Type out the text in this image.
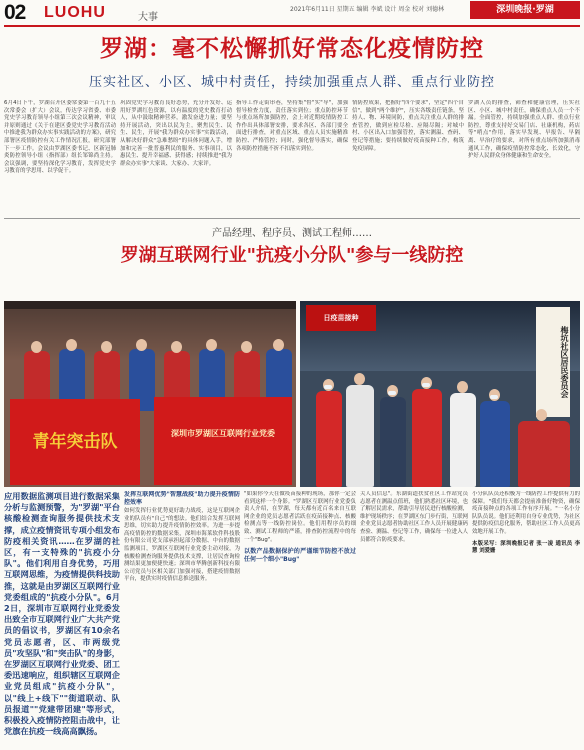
02	LUOHU	大事
2021年6月11日 星期五 编辑 李斌 设计 周金 校对 刘德林	深圳晚报·罗湖
罗湖：毫不松懈抓好常态化疫情防控
压实社区、小区、城中村责任，持续加强重点人群、重点行业防控
6月4日下午，罗湖召开区委常委第一百九十五次常委会（扩大）会议，传达学习省委、市委党史学习教育领导小组第三次会议精神，审议并原则通过《关于在建区委党史学习教育活动中推进我为群众办实事实践活动的方案》，研究部署区疫情防控有关工作情况汇报，研究部署下一步工作。会议由罗湖区委书记、区新冠肺炎防控领导小组（指挥部）组长邹锦尚主持。会议强调，要坚持深化学习教育，发挥党史学习教育的学思用、以学促干。
巩固党史学习教育良好态势，充分开发好、运用好罗湖红色资源，以有温度的党史教育打动人，从中汲取精神营养，激发奋进力量；要坚持开展活动，突出以民为主，聚焦民生、民生、民生，开展"我为群众办实事"实践活动，从解决好群众"急难愁盼"的具体问题入手，增加和完善一批普惠利民的服务、实事项目，以惠民生、提升幸福感、获得感；持续推进"我为群众办实事"大家谈、大家办、大家评。
指导工作走街串巷，坚持集"督"实"导"，加强督导检查力度，责任落实到位；重点防控环节与重点场所加强防控，会上对近期疫情防控工作作出具体部署安排，要求各区、各部门要全面进行排查，对重点区域、重点人员实施精准防控、严格管控；同时，强化督导落实，确保各项防控措施不折不扣落实到位。
情防控成果，把握好"四个要求"，坚定"四个自信"，做到"两个维护"，压实各级责任链条，坚持人、物、环境同防，重点关注重点人群的排查管控，做到应检尽检、应隔尽隔；对城中村、小区出入口加强管控，落实测温、查码、登记等措施；要持续做好疫苗接种工作，构筑免疫屏障。
罗湖人员的排查，筛查和健康管理，压实社区、小区、城中村责任，确保重点人员一个不漏。全面管控，持续加强重点人群、重点行业防控，尊重支持好交易门店、社康机构，药店等"哨点"作用，落实早发现、早报告、早隔离、早治疗的要求，对所有重点场所加强消毒通风工作，确保疫情防控常态化、长效化，守护好人民群众身体健康和生命安全。
产品经理、程序员、测试工程师……
罗湖互联网行业"抗疫小分队"参与一线防控
青年突击队	深圳市罗湖区互联网行业党委
日疫苗接种
梅坑社区居民委员会
应用数据监测项目进行数据采集分析与监测预警，为"罗湖"平台核酸检测查询服务提供技术支撑，成立疫情资讯专项小组发布防疫相关资讯……在罗湖的社区，有一支特殊的"抗疫小分队"。他们利用自身优势，巧用互联网思维，为疫情提供科技助推，这就是由罗湖区互联网行业党委组成的"抗疫小分队"。6月2日，深圳市互联网行业党委发出致全市互联网行业广大共产党员的倡议书，罗湖区有10余名党员志愿者，区、市两级党员"攻坚队"和"突击队"的身影，在罗湖区互联网行业党委、团工委迅速响应，组织辖区互联网企业党员组成"抗疫小分队"，以"线上+线下""街道联动、队员报道""党建带团建"等形式，积极投入疫情防控阻击战中，让党旗在抗疫一线高高飘扬。
发挥互联网优势"智慧战疫"助力提升疫情防控效率
如何发挥行业优势更好助力战疫，这是互联网企业的队员有"自己"的想法。他们结合发挥互联网思维，切实助力提升疫情防控效率。为进一步提高疫情防控的数据采集，深圳市海莱软件科技股份有限公司党支部承担起部分数据、中台的数据监测项目，罗湖区互联网行业党委主动对接，为核酸检测查询服务提供技术支撑，让居民查询检测结果更加便捷快速；深圳市华腾创新科技有限公司党员与区相关部门加强对接，搭建疫情数据平台，提供实时疫情信息推送服务。
"如果你今天在做疫苗接种的现场，那你一定会看到这样一个身影。"罗湖区互联网行业党委负责人介绍，在罗湖，每天都有近百名来自互联网企业的党员志愿者活跃在疫苗接种点、核酸检测点等一线防控岗位。他们用程序员的细致、测试工程师的严谨，排查防控流程中的每一个"Bug"。
以数产品数据保护的严谨细节防控不放过任何一个细小"Bug"
关人员信息"。东湖街道扶贫社区工作站党员志愿者在测温点值班，他们熟悉社区环境，也了解居民需求，帮助引导居民进行核酸检测，维护现场秩序；在罗湖区东门步行街，互联网企业党员志愿者协助社区工作人员开展健康码查验、测温、登记等工作，确保每一位进入人员都符合防疫要求。
小分队队员还积极为一线防控工作提供有力的保障。"我们每天都会提前准备好物资，确保疫苗接种点的各项工作有序开展。"一名小分队队员说。他们还利用自身专业优势，为社区提供防疫信息化服务，帮助社区工作人员更高效地开展工作。
本版采写：深圳晚报记者 张一凌 通讯员 李慧 刘爱姗
